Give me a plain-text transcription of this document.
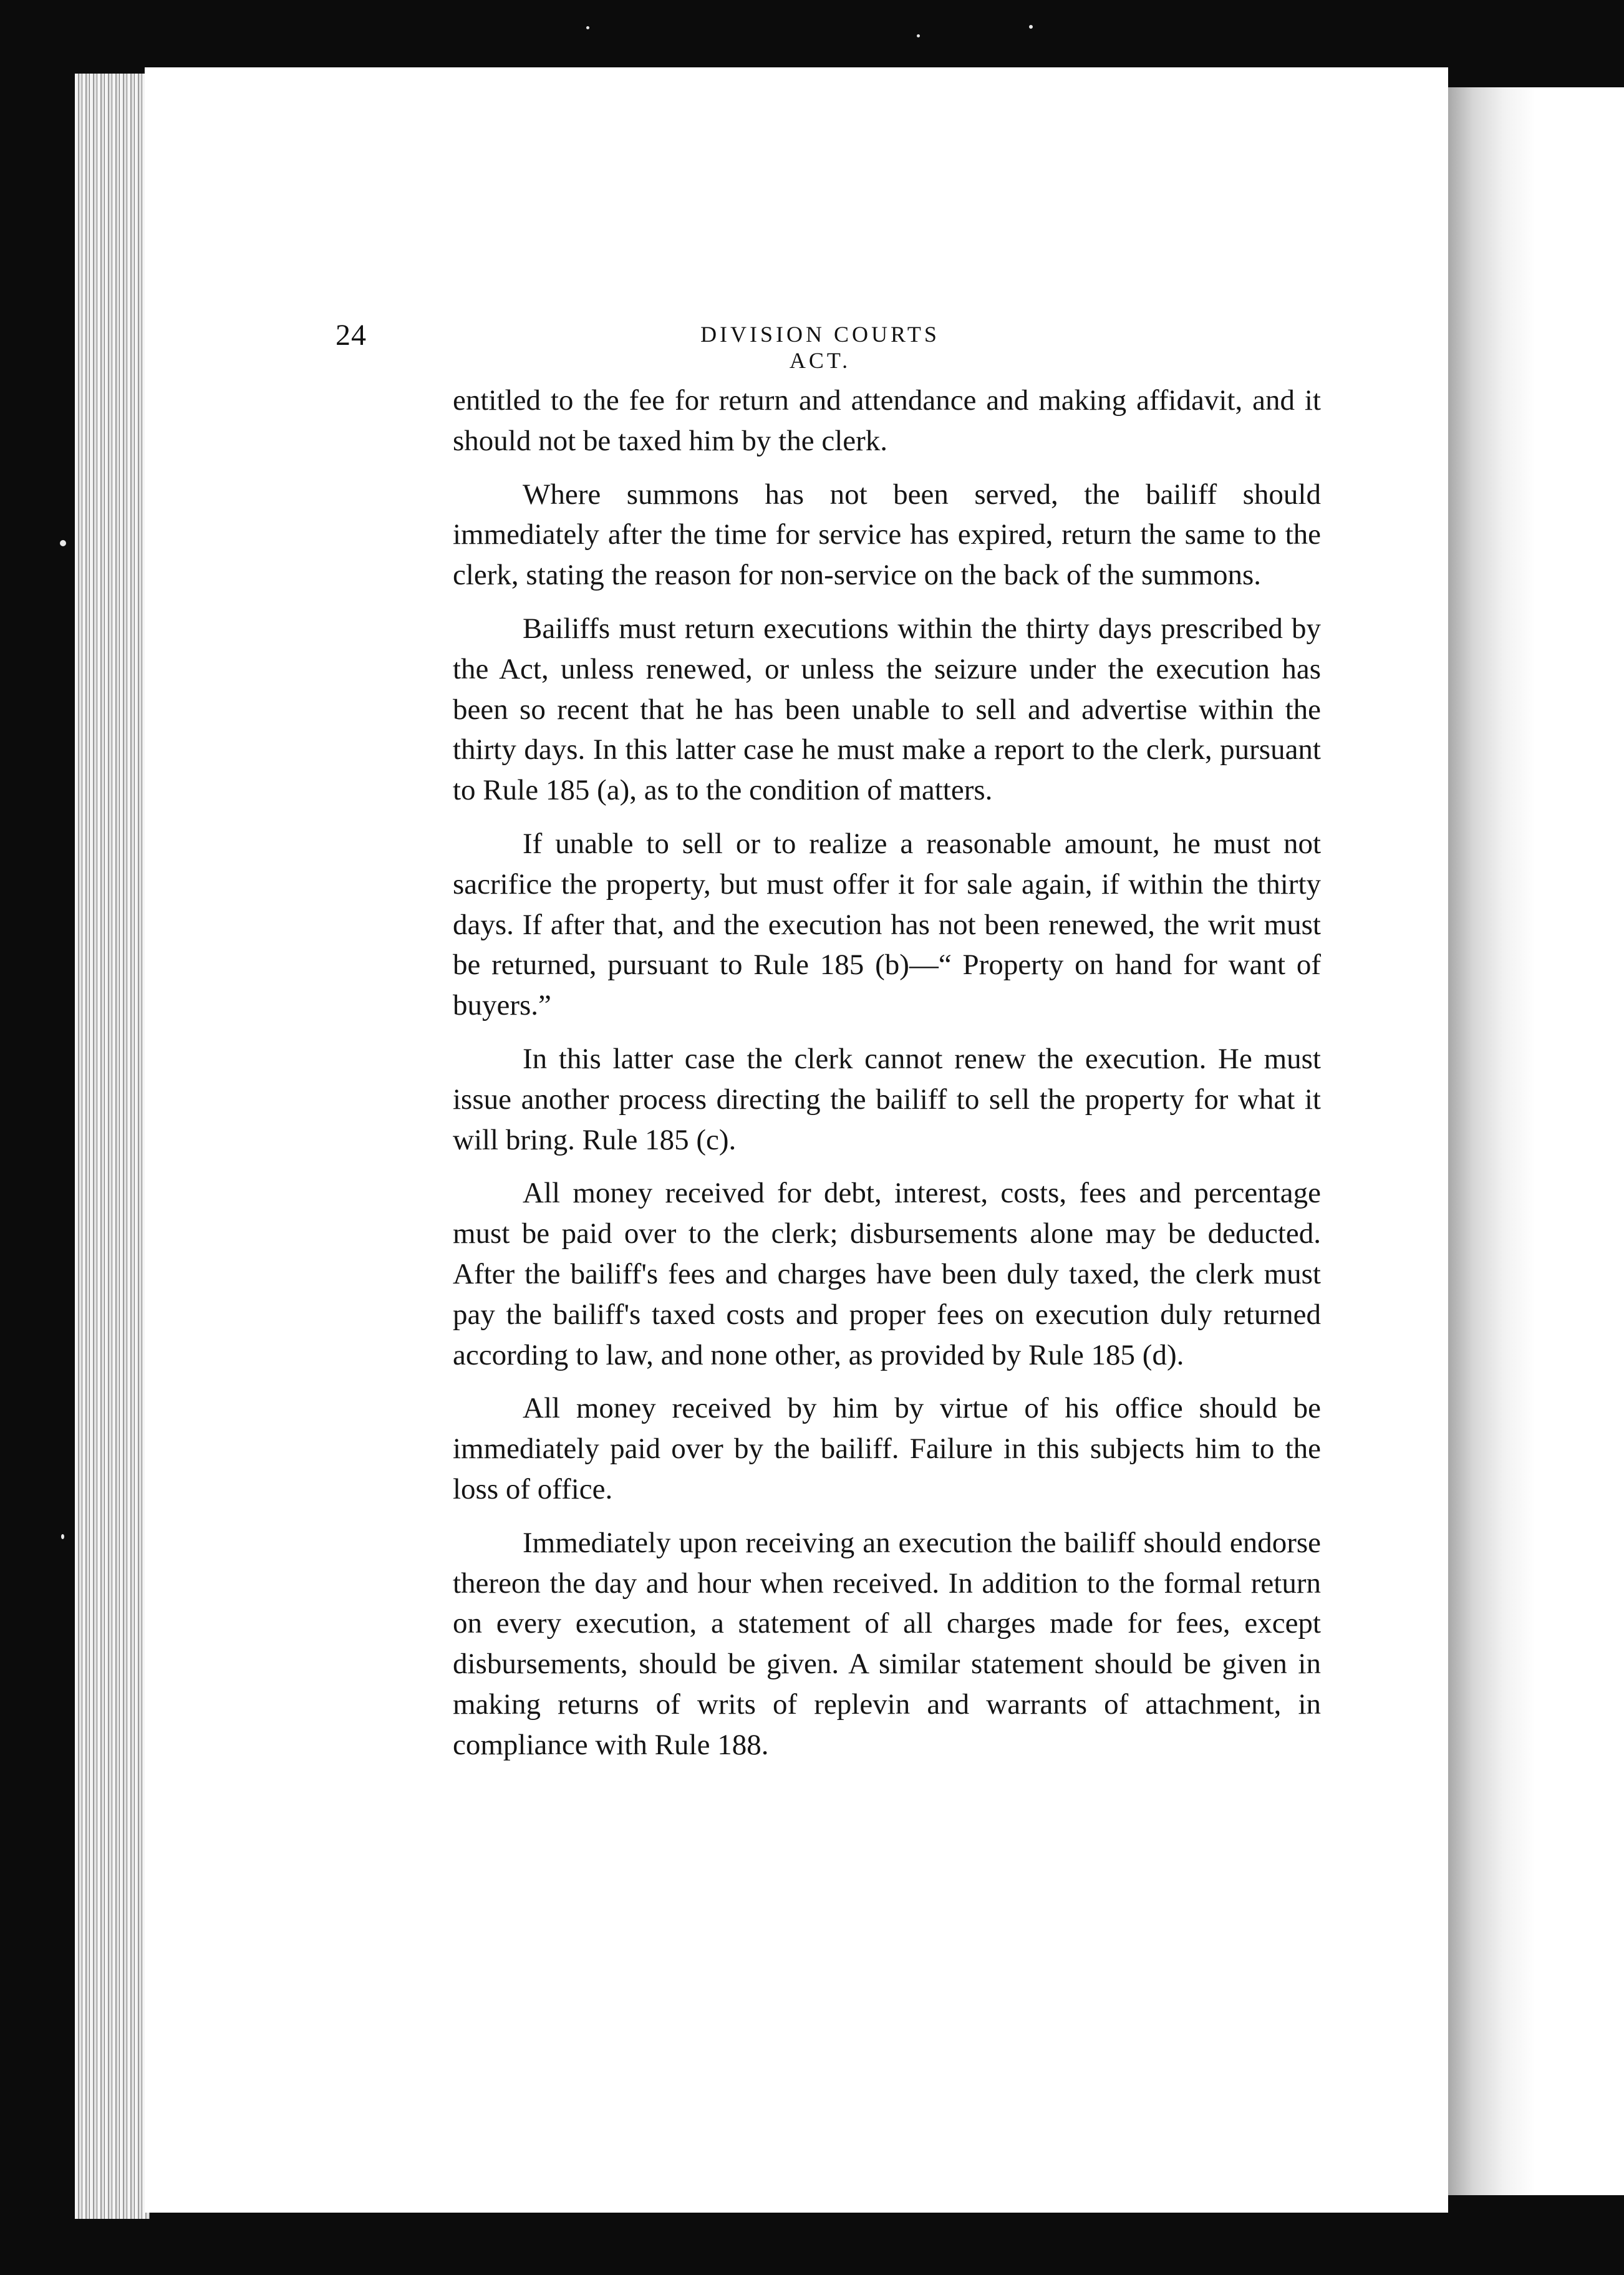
24	DIVISION COURTS ACT.

entitled to the fee for return and attendance and making affidavit, and it should not be taxed him by the clerk.

Where summons has not been served, the bailiff should immediately after the time for service has expired, return the same to the clerk, stating the reason for non-service on the back of the summons.

Bailiffs must return executions within the thirty days prescribed by the Act, unless renewed, or unless the seizure under the execution has been so recent that he has been unable to sell and advertise within the thirty days. In this latter case he must make a report to the clerk, pursuant to Rule 185 (a), as to the condition of matters.

If unable to sell or to realize a reasonable amount, he must not sacrifice the property, but must offer it for sale again, if within the thirty days. If after that, and the execution has not been renewed, the writ must be returned, pursuant to Rule 185 (b)—“ Property on hand for want of buyers.”

In this latter case the clerk cannot renew the execution. He must issue another process directing the bailiff to sell the property for what it will bring. Rule 185 (c).

All money received for debt, interest, costs, fees and percentage must be paid over to the clerk; disbursements alone may be deducted. After the bailiff's fees and charges have been duly taxed, the clerk must pay the bailiff's taxed costs and proper fees on execution duly returned according to law, and none other, as provided by Rule 185 (d).

All money received by him by virtue of his office should be immediately paid over by the bailiff. Failure in this subjects him to the loss of office.

Immediately upon receiving an execution the bailiff should endorse thereon the day and hour when received. In addition to the formal return on every execution, a statement of all charges made for fees, except disbursements, should be given. A similar statement should be given in making returns of writs of replevin and warrants of attachment, in compliance with Rule 188.
